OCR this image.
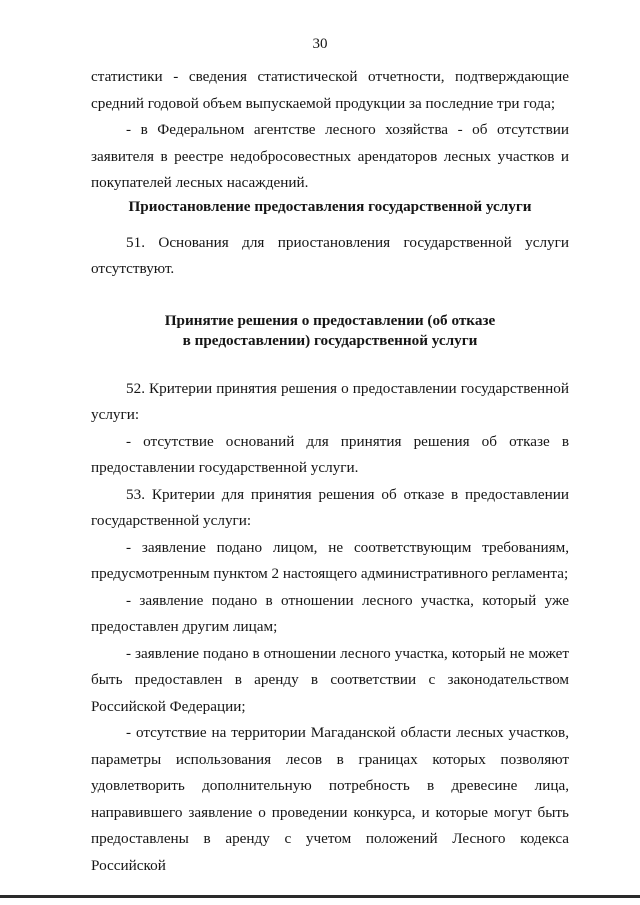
30

статистики - сведения статистической отчетности, подтверждающие средний годовой объем выпускаемой продукции за последние три года;

- в Федеральном агентстве лесного хозяйства - об отсутствии заявителя в реестре недобросовестных арендаторов лесных участков и покупателей лесных насаждений.

Приостановление предоставления государственной услуги

51. Основания для приостановления государственной услуги отсутствуют.

Принятие решения о предоставлении (об отказе

в предоставлении) государственной услуги

52. Критерии принятия решения о предоставлении государственной услуги:

- отсутствие оснований для принятия решения об отказе в предоставлении государственной услуги.

53. Критерии для принятия решения об отказе в предоставлении государственной услуги:

- заявление подано лицом, не соответствующим требованиям, предусмотренным пунктом 2 настоящего административного регламента;

- заявление подано в отношении лесного участка, который уже предоставлен другим лицам;

- заявление подано в отношении лесного участка, который не может быть предоставлен в аренду в соответствии с законодательством Российской Федерации;

- отсутствие на территории Магаданской области лесных участков, параметры использования лесов в границах которых позволяют удовлетворить дополнительную потребность в древесине лица, направившего заявление о проведении конкурса, и которые могут быть предоставлены в аренду с учетом положений Лесного кодекса Российской
